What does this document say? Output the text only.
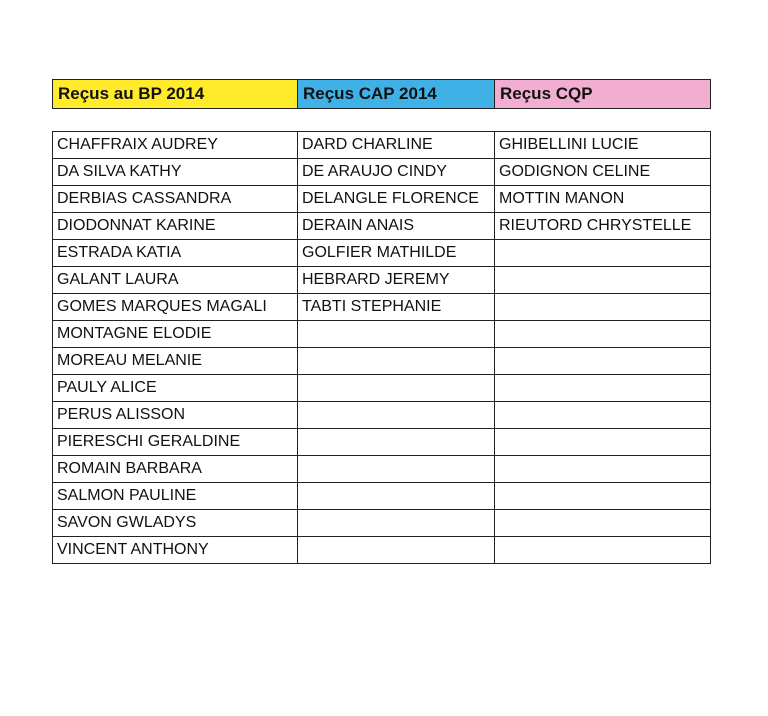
Reçus au BP 2014	Reçus CAP 2014	Reçus CQP
CHAFFRAIX AUDREY	DARD CHARLINE	GHIBELLINI LUCIE
DA SILVA KATHY	DE ARAUJO CINDY	GODIGNON CELINE
DERBIAS CASSANDRA	DELANGLE FLORENCE	MOTTIN MANON
DIODONNAT KARINE	DERAIN ANAIS	RIEUTORD CHRYSTELLE
ESTRADA KATIA	GOLFIER MATHILDE	
GALANT LAURA	HEBRARD JEREMY	
GOMES MARQUES MAGALI	TABTI STEPHANIE	
MONTAGNE ELODIE		
MOREAU MELANIE		
PAULY ALICE		
PERUS ALISSON		
PIERESCHI GERALDINE		
ROMAIN BARBARA		
SALMON PAULINE		
SAVON GWLADYS		
VINCENT ANTHONY		
